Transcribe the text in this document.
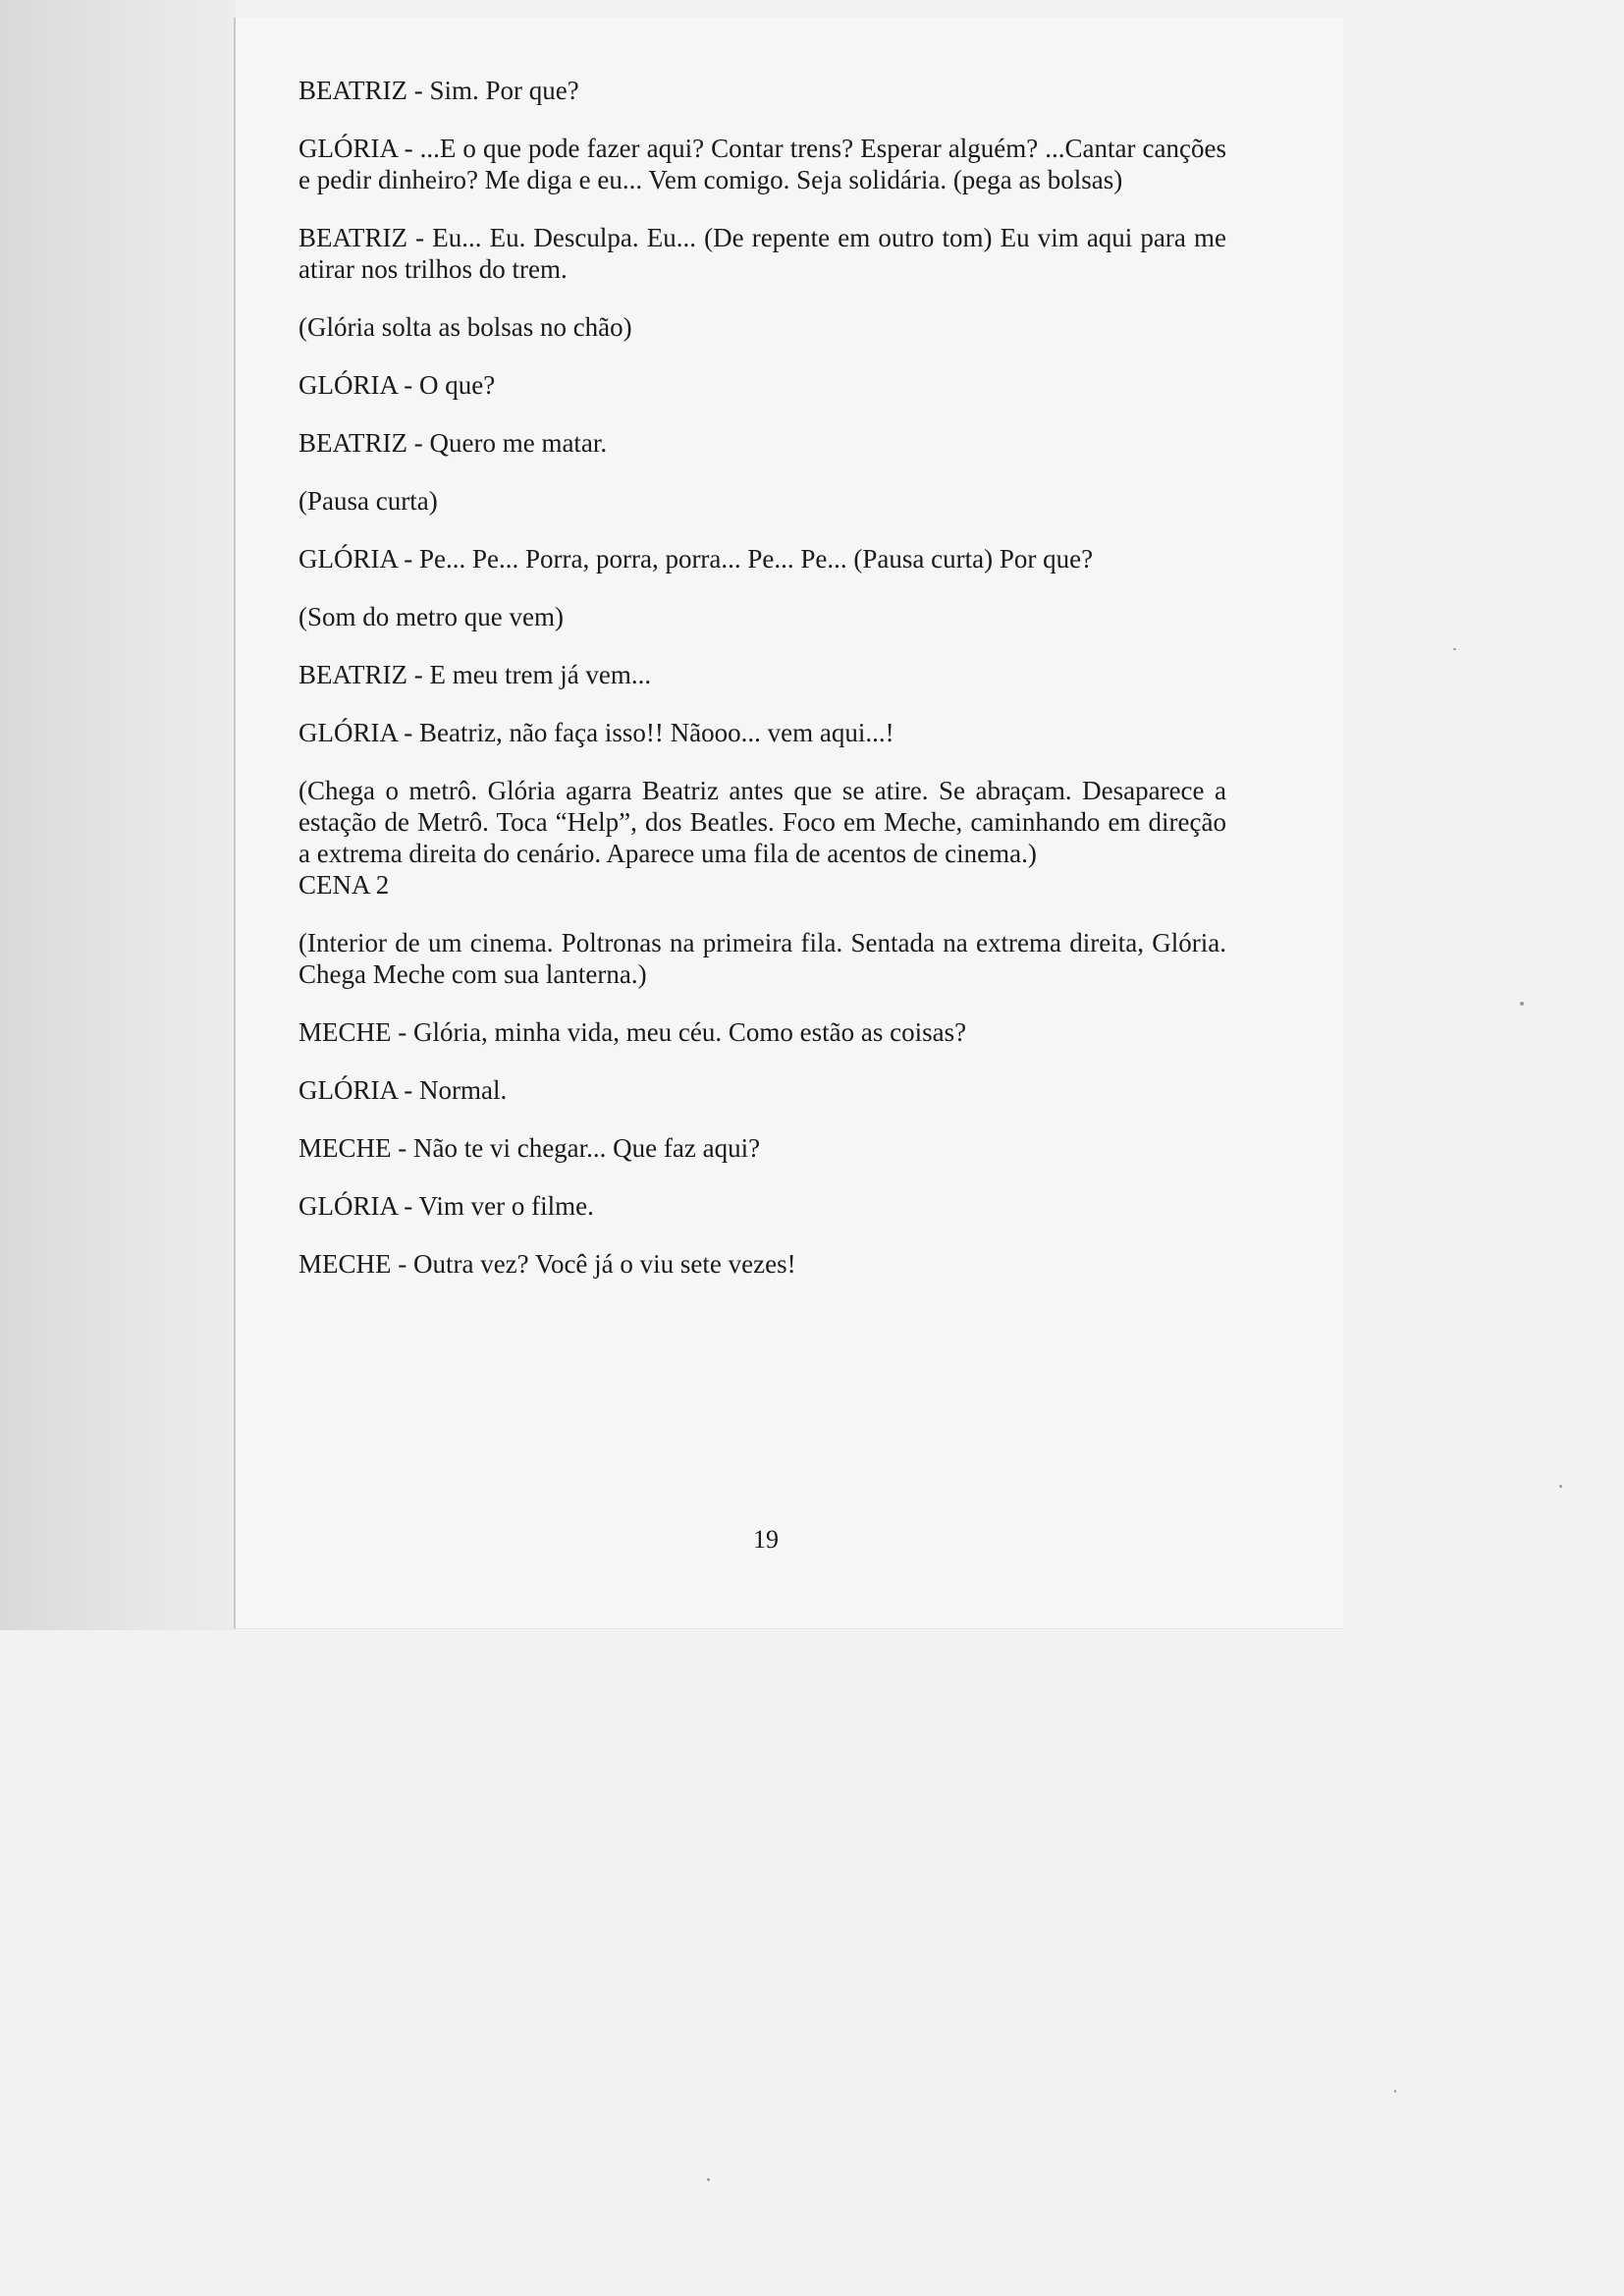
BEATRIZ - Sim. Por que?

GLÓRIA - ...E o que pode fazer aqui? Contar trens? Esperar alguém? ...Cantar canções e pedir dinheiro? Me diga e eu... Vem comigo. Seja solidária. (pega as bolsas)

BEATRIZ - Eu... Eu. Desculpa. Eu... (De repente em outro tom) Eu vim aqui para me atirar nos trilhos do trem.

(Glória solta as bolsas no chão)

GLÓRIA - O que?

BEATRIZ - Quero me matar.

(Pausa curta)

GLÓRIA - Pe... Pe... Porra, porra, porra... Pe... Pe... (Pausa curta) Por que?

(Som do metro que vem)

BEATRIZ - E meu trem já vem...

GLÓRIA - Beatriz, não faça isso!! Nãooo... vem aqui...!

(Chega o metrô. Glória agarra Beatriz antes que se atire. Se abraçam. Desaparece a estação de Metrô. Toca “Help”, dos Beatles. Foco em Meche, caminhando em direção a extrema direita do cenário. Aparece uma fila de acentos de cinema.)

CENA 2

(Interior de um cinema. Poltronas na primeira fila. Sentada na extrema direita, Glória. Chega Meche com sua lanterna.)

MECHE - Glória, minha vida, meu céu. Como estão as coisas?

GLÓRIA - Normal.

MECHE - Não te vi chegar... Que faz aqui?

GLÓRIA - Vim ver o filme.

MECHE - Outra vez? Você já o viu sete vezes!

19
